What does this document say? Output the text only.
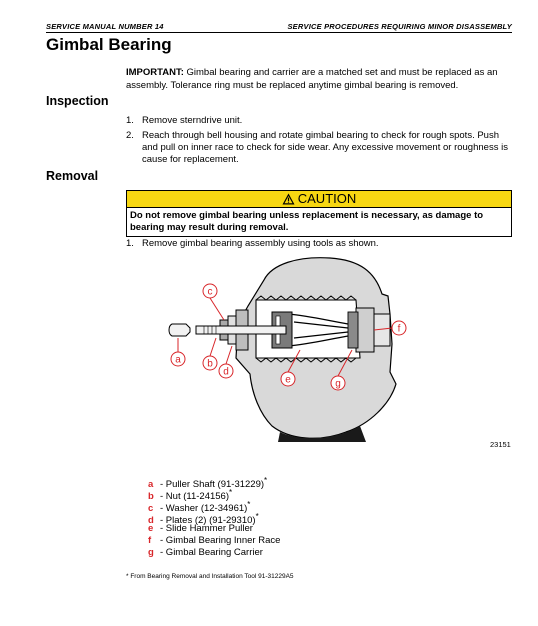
SERVICE MANUAL NUMBER 14	SERVICE PROCEDURES REQUIRING MINOR DISASSEMBLY
Gimbal Bearing
IMPORTANT: Gimbal bearing and carrier are a matched set and must be replaced as an assembly. Tolerance ring must be replaced anytime gimbal bearing is removed.
Inspection
1. Remove sterndrive unit.
2. Reach through bell housing and rotate gimbal bearing to check for rough spots. Push and pull on inner race to check for side wear. Any excessive movement or roughness is cause for replacement.
Removal
CAUTION
Do not remove gimbal bearing unless replacement is necessary, as damage to bearing may result during removal.
1. Remove gimbal bearing assembly using tools as shown.
a	b
c
d
e
f
g
23151
a - Puller Shaft (91-31229)*
b - Nut (11-24156)*
c - Washer (12-34961)*
d - Plates (2) (91-29310)*
e - Slide Hammer Puller
f - Gimbal Bearing Inner Race
g - Gimbal Bearing Carrier
* From Bearing Removal and Installation Tool 91-31229A5
